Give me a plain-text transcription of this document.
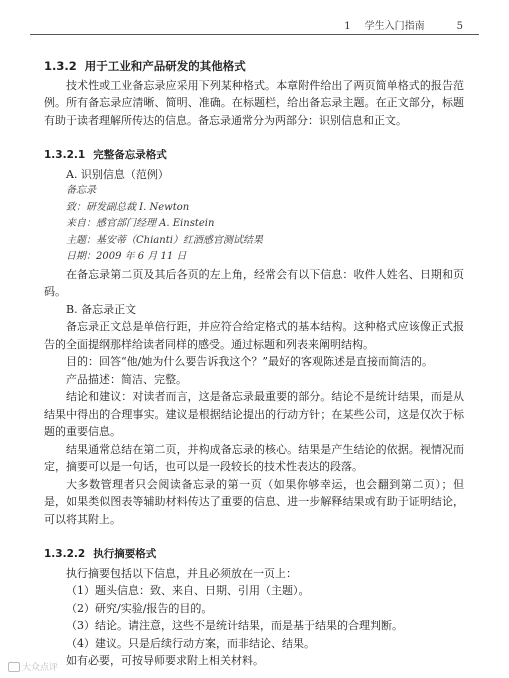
1 学生入门指南	5
1.3.2 用于工业和产品研发的其他格式

技术性或工业备忘录应采用下列某种格式。本章附件给出了两页简单格式的报告范例。所有备忘录应清晰、简明、准确。在标题栏，给出备忘录主题。在正文部分，标题有助于读者理解所传达的信息。备忘录通常分为两部分：识别信息和正文。

1.3.2.1 完整备忘录格式

A. 识别信息（范例）

备忘录
致：研发副总裁 I. Newton
来自：感官部门经理 A. Einstein
主题：基安蒂（Chianti）红酒感官测试结果
日期：2009 年 6 月 11 日

在备忘录第二页及其后各页的左上角，经常会有以下信息：收件人姓名、日期和页码。

B. 备忘录正文

备忘录正文总是单倍行距，并应符合给定格式的基本结构。这种格式应该像正式报告的全面提纲那样给读者同样的感受。通过标题和列表来阐明结构。

目的：回答“他/她为什么要告诉我这个？”最好的客观陈述是直接而简洁的。

产品描述：简洁、完整。

结论和建议：对读者而言，这是备忘录最重要的部分。结论不是统计结果，而是从结果中得出的合理事实。建议是根据结论提出的行动方针；在某些公司，这是仅次于标题的重要信息。

结果通常总结在第二页，并构成备忘录的核心。结果是产生结论的依据。视情况而定，摘要可以是一句话，也可以是一段较长的技术性表达的段落。

大多数管理者只会阅读备忘录的第一页（如果你够幸运，也会翻到第二页）；但是，如果类似图表等辅助材料传达了重要的信息、进一步解释结果或有助于证明结论，可以将其附上。

1.3.2.2 执行摘要格式

执行摘要包括以下信息，并且必须放在一页上：

（1）题头信息：致、来自、日期、引用（主题）。

（2）研究/实验/报告的目的。

（3）结论。请注意，这些不是统计结果，而是基于结果的合理判断。

（4）建议。只是后续行动方案，而非结论、结果。

如有必要，可按导师要求附上相关材料。

大众点评
